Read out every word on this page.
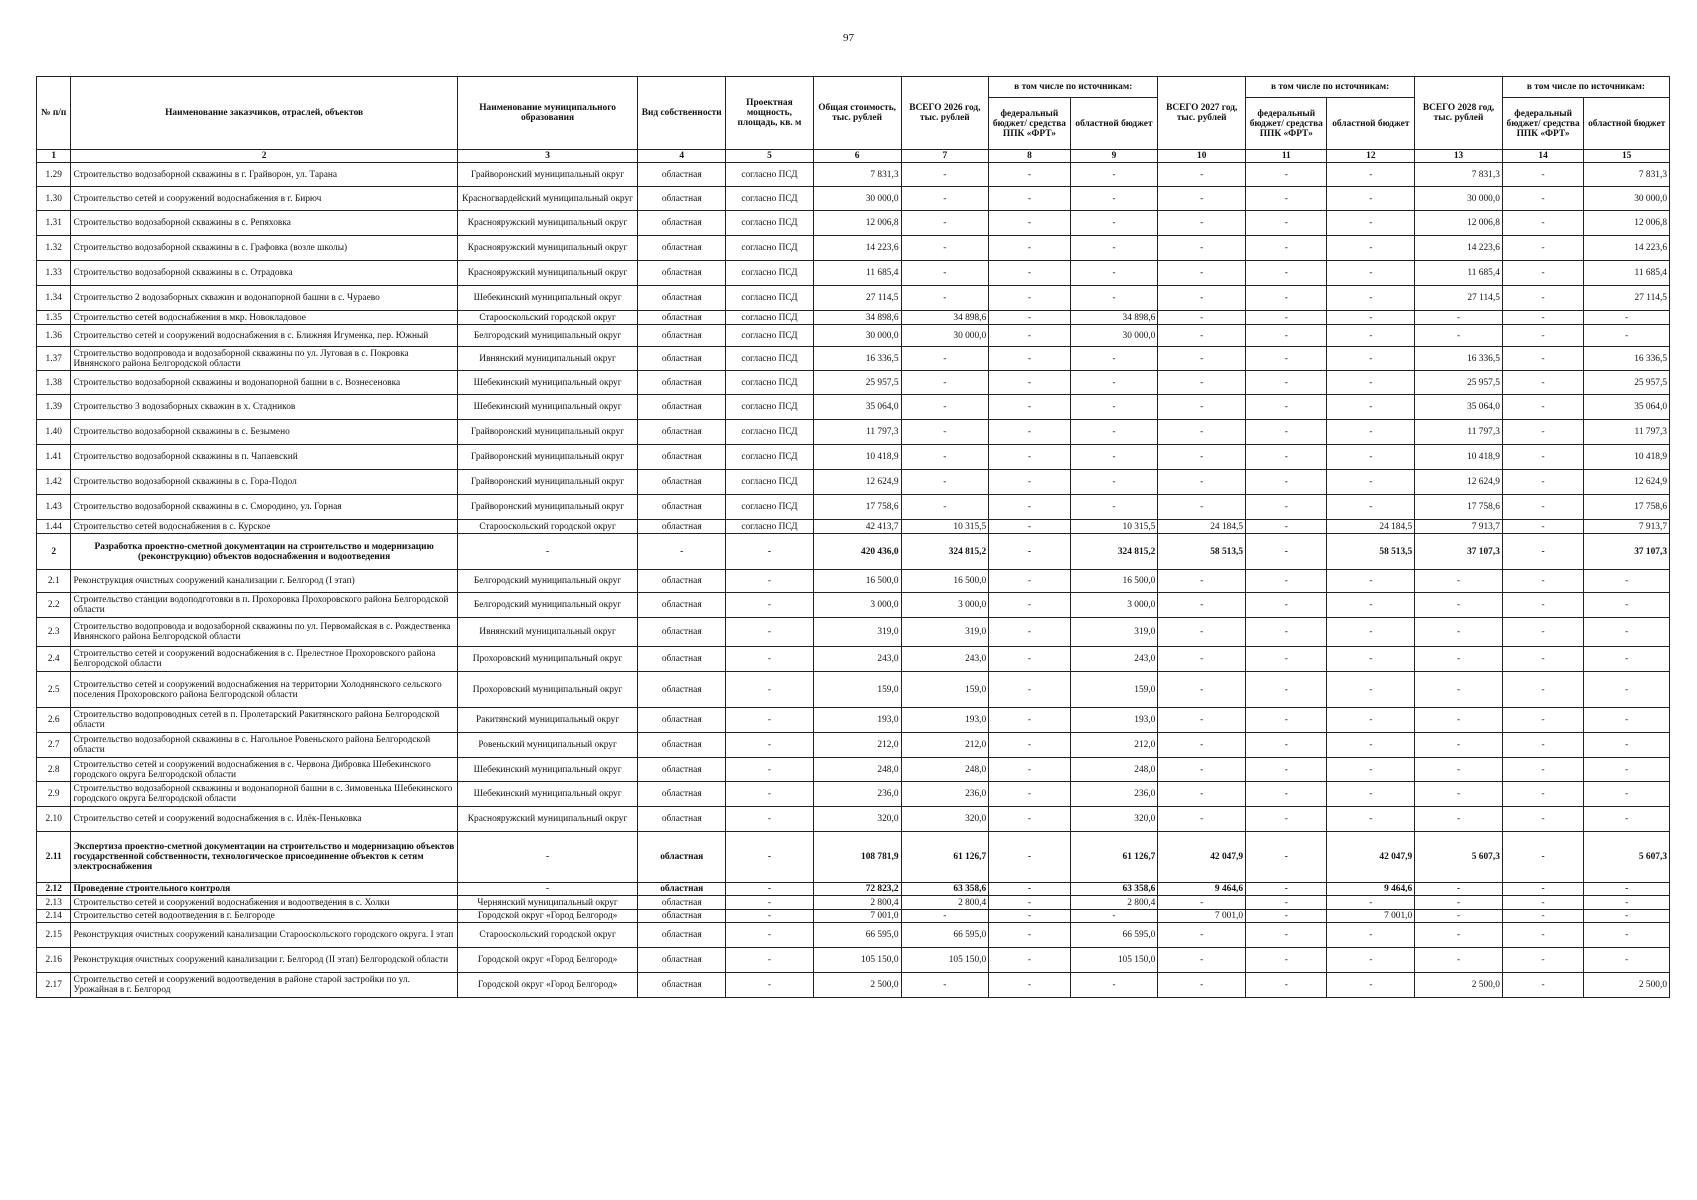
97
№ п/п	Наименование заказчиков, отраслей, объектов	Наименование муниципального образования	Вид собственности	Проектная мощность, площадь, кв. м	Общая стоимость, тыс. рублей	ВСЕГО 2026 год, тыс. рублей	в том числе по источникам:		ВСЕГО 2027 год, тыс. рублей	в том числе по источникам:		ВСЕГО 2028 год, тыс. рублей	в том числе по источникам:	
							федеральный бюджет/ средства ППК «ФРТ»	областной бюджет		федеральный бюджет/ средства ППК «ФРТ»	областной бюджет		федеральный бюджет/ средства ППК «ФРТ»	областной бюджет
1	2	3	4	5	6	7	8	9	10	11	12	13	14	15
1.29	Строительство водозаборной скважины в г. Грайворон, ул. Тарана	Грайворонский муниципальный округ	областная	согласно ПСД	7 831,3	-	-	-	-	-	-	7 831,3	-	7 831,3
1.30	Строительство сетей и сооружений водоснабжения в г. Бирюч	Красногвардейский муниципальный округ	областная	согласно ПСД	30 000,0	-	-	-	-	-	-	30 000,0	-	30 000,0
1.31	Строительство водозаборной скважины в с. Репяховка	Краснояружский муниципальный округ	областная	согласно ПСД	12 006,8	-	-	-	-	-	-	12 006,8	-	12 006,8
1.32	Строительство водозаборной скважины в с. Графовка (возле школы)	Краснояружский муниципальный округ	областная	согласно ПСД	14 223,6	-	-	-	-	-	-	14 223,6	-	14 223,6
1.33	Строительство водозаборной скважины в с. Отрадовка	Краснояружский муниципальный округ	областная	согласно ПСД	11 685,4	-	-	-	-	-	-	11 685,4	-	11 685,4
1.34	Строительство 2 водозаборных скважин и водонапорной башни в с. Чураево	Шебекинский муниципальный округ	областная	согласно ПСД	27 114,5	-	-	-	-	-	-	27 114,5	-	27 114,5
1.35	Строительство сетей водоснабжения в мкр. Новокладовое	Старооскольский городской округ	областная	согласно ПСД	34 898,6	34 898,6	-	34 898,6	-	-	-	-	-	-
1.36	Строительство сетей и сооружений водоснабжения в с. Ближняя Игуменка, пер. Южный	Белгородский муниципальный округ	областная	согласно ПСД	30 000,0	30 000,0	-	30 000,0	-	-	-	-	-	-
1.37	Строительство водопровода и водозаборной скважины по ул. Луговая в с. Покровка Ивнянского района Белгородской области	Ивнянский муниципальный округ	областная	согласно ПСД	16 336,5	-	-	-	-	-	-	16 336,5	-	16 336,5
1.38	Строительство водозаборной скважины и водонапорной башни в с. Вознесеновка	Шебекинский муниципальный округ	областная	согласно ПСД	25 957,5	-	-	-	-	-	-	25 957,5	-	25 957,5
1.39	Строительство 3 водозаборных скважин в х. Стадников	Шебекинский муниципальный округ	областная	согласно ПСД	35 064,0	-	-	-	-	-	-	35 064,0	-	35 064,0
1.40	Строительство водозаборной скважины в с. Безымено	Грайворонский муниципальный округ	областная	согласно ПСД	11 797,3	-	-	-	-	-	-	11 797,3	-	11 797,3
1.41	Строительство водозаборной скважины в п. Чапаевский	Грайворонский муниципальный округ	областная	согласно ПСД	10 418,9	-	-	-	-	-	-	10 418,9	-	10 418,9
1.42	Строительство водозаборной скважины в с. Гора-Подол	Грайворонский муниципальный округ	областная	согласно ПСД	12 624,9	-	-	-	-	-	-	12 624,9	-	12 624,9
1.43	Строительство водозаборной скважины в с. Смородино, ул. Горная	Грайворонский муниципальный округ	областная	согласно ПСД	17 758,6	-	-	-	-	-	-	17 758,6	-	17 758,6
1.44	Строительство сетей водоснабжения в с. Курское	Старооскольский городской округ	областная	согласно ПСД	42 413,7	10 315,5	-	10 315,5	24 184,5	-	24 184,5	7 913,7	-	7 913,7
2	Разработка проектно-сметной документации на строительство и модернизацию (реконструкцию) объектов водоснабжения и водоотведения	-	-	-	420 436,0	324 815,2	-	324 815,2	58 513,5	-	58 513,5	37 107,3	-	37 107,3
2.1	Реконструкция очистных сооружений канализации г. Белгород (I этап)	Белгородский муниципальный округ	областная	-	16 500,0	16 500,0	-	16 500,0	-	-	-	-	-	-
2.2	Строительство станции водоподготовки в п. Прохоровка Прохоровского района Белгородской области	Белгородский муниципальный округ	областная	-	3 000,0	3 000,0	-	3 000,0	-	-	-	-	-	-
2.3	Строительство водопровода и водозаборной скважины по ул. Первомайская в с. Рождественка Ивнянского района Белгородской области	Ивнянский муниципальный округ	областная	-	319,0	319,0	-	319,0	-	-	-	-	-	-
2.4	Строительство сетей и сооружений водоснабжения в с. Прелестное Прохоровского района Белгородской области	Прохоровский муниципальный округ	областная	-	243,0	243,0	-	243,0	-	-	-	-	-	-
2.5	Строительство сетей и сооружений водоснабжения на территории Холоднянского сельского поселения Прохоровского района Белгородской области	Прохоровский муниципальный округ	областная	-	159,0	159,0	-	159,0	-	-	-	-	-	-
2.6	Строительство водопроводных сетей в п. Пролетарский Ракитянского района Белгородской области	Ракитянский муниципальный округ	областная	-	193,0	193,0	-	193,0	-	-	-	-	-	-
2.7	Строительство водозаборной скважины в с. Нагольное Ровеньского района Белгородской области	Ровеньский муниципальный округ	областная	-	212,0	212,0	-	212,0	-	-	-	-	-	-
2.8	Строительство сетей и сооружений водоснабжения в с. Червона Дибровка Шебекинского городского округа Белгородской области	Шебекинский муниципальный округ	областная	-	248,0	248,0	-	248,0	-	-	-	-	-	-
2.9	Строительство водозаборной скважины и водонапорной башни в с. Зимовенька Шебекинского городского округа Белгородской области	Шебекинский муниципальный округ	областная	-	236,0	236,0	-	236,0	-	-	-	-	-	-
2.10	Строительство сетей и сооружений водоснабжения в с. Илёк-Пеньковка	Краснояружский муниципальный округ	областная	-	320,0	320,0	-	320,0	-	-	-	-	-	-
2.11	Экспертиза проектно-сметной документации на строительство и модернизацию объектов государственной собственности, технологическое присоединение объектов к сетям электроснабжения	-	областная	-	108 781,9	61 126,7	-	61 126,7	42 047,9	-	42 047,9	5 607,3	-	5 607,3
2.12	Проведение строительного контроля	-	областная	-	72 823,2	63 358,6	-	63 358,6	9 464,6	-	9 464,6	-	-	-
2.13	Строительство сетей и сооружений водоснабжения и водоотведения в с. Холки	Чернянский муниципальный округ	областная	-	2 800,4	2 800,4	-	2 800,4	-	-	-	-	-	-
2.14	Строительство сетей водоотведения в г. Белгороде	Городской округ «Город Белгород»	областная	-	7 001,0	-	-	-	7 001,0	-	7 001,0	-	-	-
2.15	Реконструкция очистных сооружений канализации Старооскольского городского округа. I этап	Старооскольский городской округ	областная	-	66 595,0	66 595,0	-	66 595,0	-	-	-	-	-	-
2.16	Реконструкция очистных сооружений канализации г. Белгород (II этап) Белгородской области	Городской округ «Город Белгород»	областная	-	105 150,0	105 150,0	-	105 150,0	-	-	-	-	-	-
2.17	Строительство сетей и сооружений водоотведения в районе старой застройки по ул. Урожайная в г. Белгород	Городской округ «Город Белгород»	областная	-	2 500,0	-	-	-	-	-	-	2 500,0	-	2 500,0
